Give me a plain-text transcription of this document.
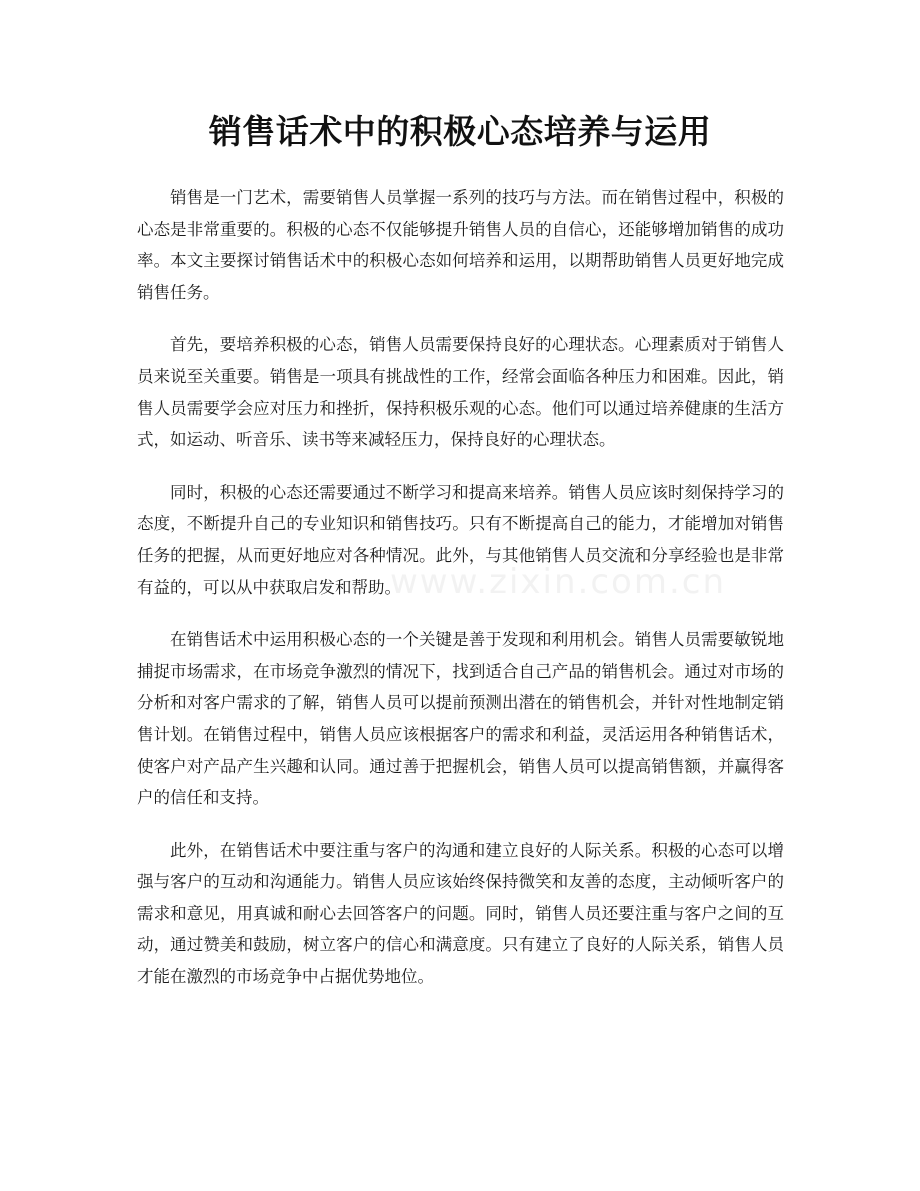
销售话术中的积极心态培养与运用
www.zixin.com.cn

销售是一门艺术，需要销售人员掌握一系列的技巧与方法。而在销售过程中，积极的心态是非常重要的。积极的心态不仅能够提升销售人员的自信心，还能够增加销售的成功率。本文主要探讨销售话术中的积极心态如何培养和运用，以期帮助销售人员更好地完成销售任务。

首先，要培养积极的心态，销售人员需要保持良好的心理状态。心理素质对于销售人员来说至关重要。销售是一项具有挑战性的工作，经常会面临各种压力和困难。因此，销售人员需要学会应对压力和挫折，保持积极乐观的心态。他们可以通过培养健康的生活方式，如运动、听音乐、读书等来减轻压力，保持良好的心理状态。

同时，积极的心态还需要通过不断学习和提高来培养。销售人员应该时刻保持学习的态度，不断提升自己的专业知识和销售技巧。只有不断提高自己的能力，才能增加对销售任务的把握，从而更好地应对各种情况。此外，与其他销售人员交流和分享经验也是非常有益的，可以从中获取启发和帮助。

在销售话术中运用积极心态的一个关键是善于发现和利用机会。销售人员需要敏锐地捕捉市场需求，在市场竞争激烈的情况下，找到适合自己产品的销售机会。通过对市场的分析和对客户需求的了解，销售人员可以提前预测出潜在的销售机会，并针对性地制定销售计划。在销售过程中，销售人员应该根据客户的需求和利益，灵活运用各种销售话术，使客户对产品产生兴趣和认同。通过善于把握机会，销售人员可以提高销售额，并赢得客户的信任和支持。

此外，在销售话术中要注重与客户的沟通和建立良好的人际关系。积极的心态可以增强与客户的互动和沟通能力。销售人员应该始终保持微笑和友善的态度，主动倾听客户的需求和意见，用真诚和耐心去回答客户的问题。同时，销售人员还要注重与客户之间的互动，通过赞美和鼓励，树立客户的信心和满意度。只有建立了良好的人际关系，销售人员才能在激烈的市场竞争中占据优势地位。
